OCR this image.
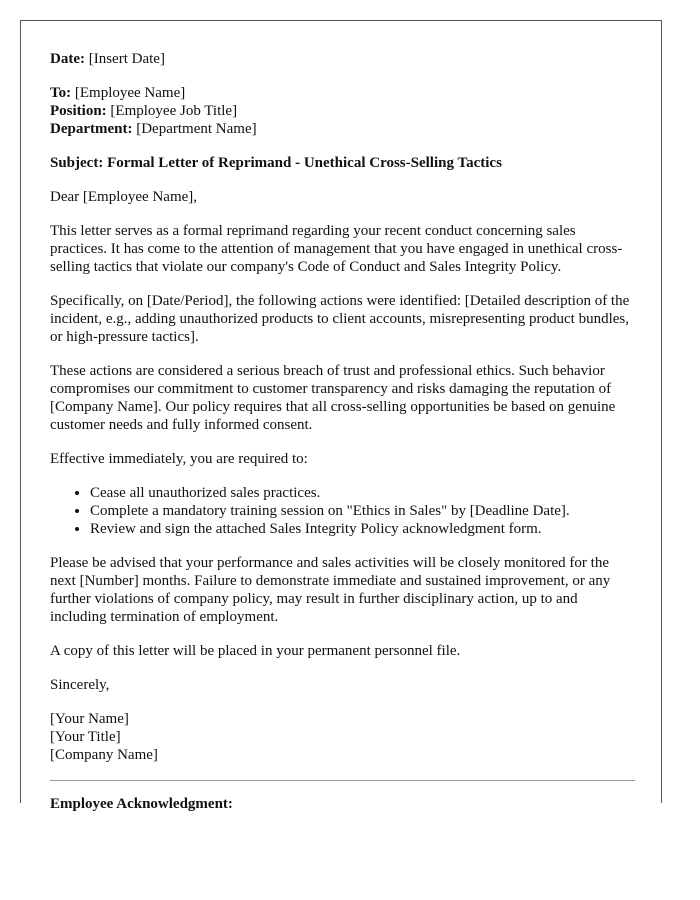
Date: [Insert Date]
To: [Employee Name]
Position: [Employee Job Title]
Department: [Department Name]
Subject: Formal Letter of Reprimand - Unethical Cross-Selling Tactics
Dear [Employee Name],
This letter serves as a formal reprimand regarding your recent conduct concerning sales practices. It has come to the attention of management that you have engaged in unethical cross-selling tactics that violate our company's Code of Conduct and Sales Integrity Policy.
Specifically, on [Date/Period], the following actions were identified: [Detailed description of the incident, e.g., adding unauthorized products to client accounts, misrepresenting product bundles, or high-pressure tactics].
These actions are considered a serious breach of trust and professional ethics. Such behavior compromises our commitment to customer transparency and risks damaging the reputation of [Company Name]. Our policy requires that all cross-selling opportunities be based on genuine customer needs and fully informed consent.
Effective immediately, you are required to:
• Cease all unauthorized sales practices.
• Complete a mandatory training session on "Ethics in Sales" by [Deadline Date].
• Review and sign the attached Sales Integrity Policy acknowledgment form.
Please be advised that your performance and sales activities will be closely monitored for the next [Number] months. Failure to demonstrate immediate and sustained improvement, or any further violations of company policy, may result in further disciplinary action, up to and including termination of employment.
A copy of this letter will be placed in your permanent personnel file.
Sincerely,
[Your Name]
[Your Title]
[Company Name]
Employee Acknowledgment:
